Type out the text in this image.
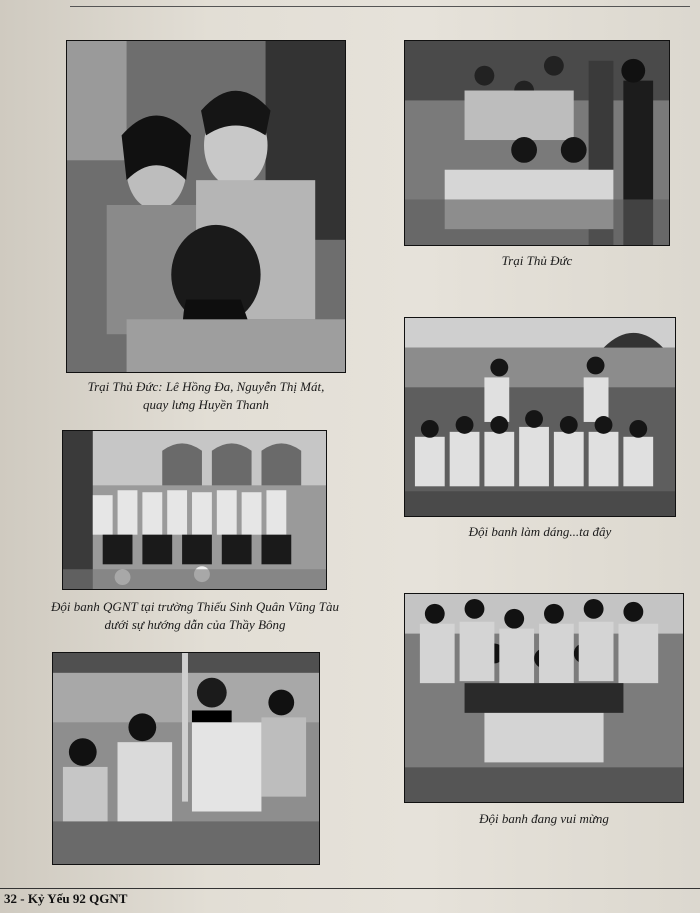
Trại Thủ Đức: Lê Hồng Đa, Nguyễn Thị Mát,
quay lưng Huyền Thanh
Trại Thủ Đức
Đội banh QGNT tại trường Thiếu Sinh Quân Vũng Tàu
dưới sự hướng dẫn của Thầy Bông
Đội banh làm dáng...ta đây
Đội banh đang vui mừng
32 - Kỷ Yếu 92 QGNT
